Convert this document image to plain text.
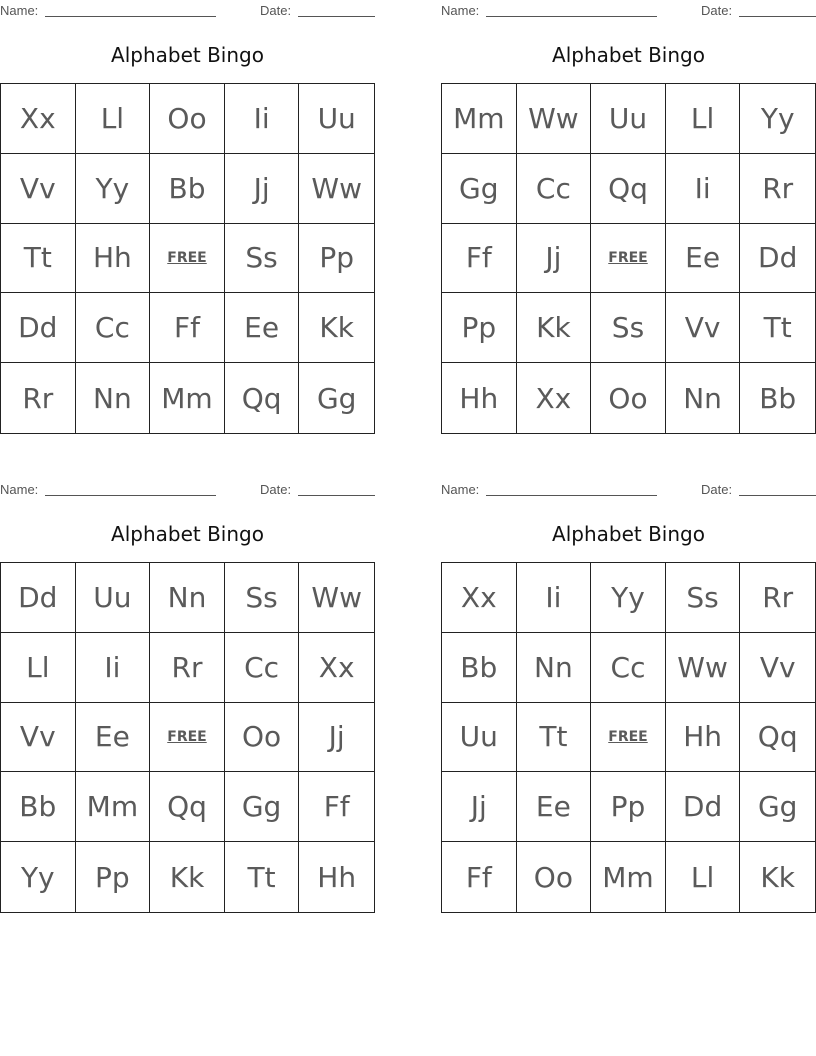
Name:	Date:
Alphabet Bingo
Xx	Ll	Oo	Ii	Uu
Vv	Yy	Bb	Jj	Ww
Tt	Hh	FREE	Ss	Pp
Dd	Cc	Ff	Ee	Kk
Rr	Nn	Mm	Qq	Gg
Name:	Date:
Alphabet Bingo
Mm Ww	Uu	Ll	Yy
Gg	Cc	Qq	Ii	Rr
Ff	Jj	FREE	Ee	Dd
Pp	Kk	Ss	Vv	Tt
Hh	Xx	Oo	Nn	Bb
Name:	Date:
Alphabet Bingo
Dd	Uu	Nn	Ss	Ww
Ll	Ii	Rr	Cc	Xx
Vv	Ee	FREE	Oo	Jj
Bb	Mm	Qq	Gg	Ff
Yy	Pp	Kk	Tt	Hh
Name:	Date:
Alphabet Bingo
Xx	Ii	Yy	Ss	Rr
Bb	Nn	Cc	Ww	Vv
Uu	Tt	FREE	Hh	Qq
Jj	Ee	Pp	Dd	Gg
Ff	Oo	Mm	Ll	Kk
